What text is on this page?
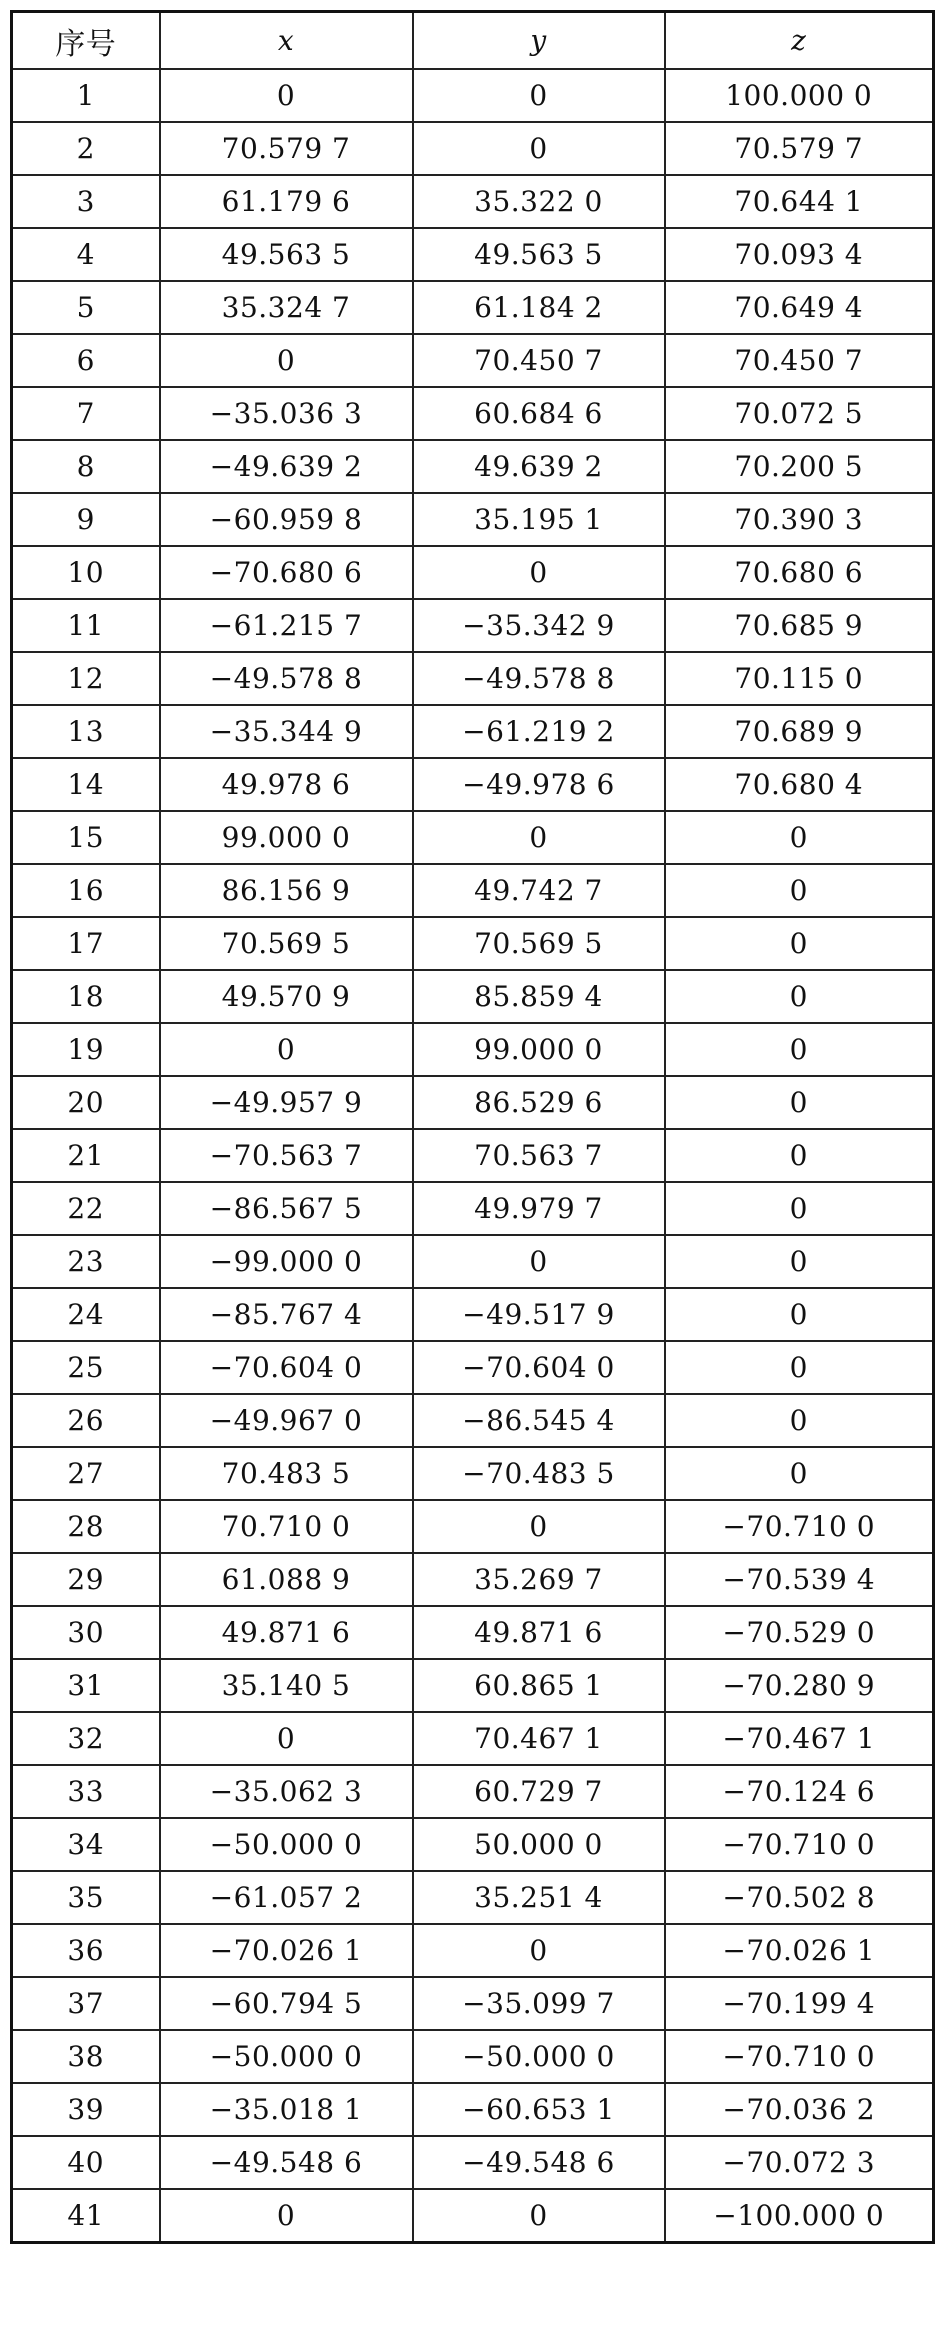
序号	x	y	z
1	0	0	100.000 0
2	70.579 7	0	70.579 7
3	61.179 6	35.322 0	70.644 1
4	49.563 5	49.563 5	70.093 4
5	35.324 7	61.184 2	70.649 4
6	0	70.450 7	70.450 7
7	−35.036 3	60.684 6	70.072 5
8	−49.639 2	49.639 2	70.200 5
9	−60.959 8	35.195 1	70.390 3
10	−70.680 6	0	70.680 6
11	−61.215 7	−35.342 9	70.685 9
12	−49.578 8	−49.578 8	70.115 0
13	−35.344 9	−61.219 2	70.689 9
14	49.978 6	−49.978 6	70.680 4
15	99.000 0	0	0
16	86.156 9	49.742 7	0
17	70.569 5	70.569 5	0
18	49.570 9	85.859 4	0
19	0	99.000 0	0
20	−49.957 9	86.529 6	0
21	−70.563 7	70.563 7	0
22	−86.567 5	49.979 7	0
23	−99.000 0	0	0
24	−85.767 4	−49.517 9	0
25	−70.604 0	−70.604 0	0
26	−49.967 0	−86.545 4	0
27	70.483 5	−70.483 5	0
28	70.710 0	0	−70.710 0
29	61.088 9	35.269 7	−70.539 4
30	49.871 6	49.871 6	−70.529 0
31	35.140 5	60.865 1	−70.280 9
32	0	70.467 1	−70.467 1
33	−35.062 3	60.729 7	−70.124 6
34	−50.000 0	50.000 0	−70.710 0
35	−61.057 2	35.251 4	−70.502 8
36	−70.026 1	0	−70.026 1
37	−60.794 5	−35.099 7	−70.199 4
38	−50.000 0	−50.000 0	−70.710 0
39	−35.018 1	−60.653 1	−70.036 2
40	−49.548 6	−49.548 6	−70.072 3
41	0	0	−100.000 0
